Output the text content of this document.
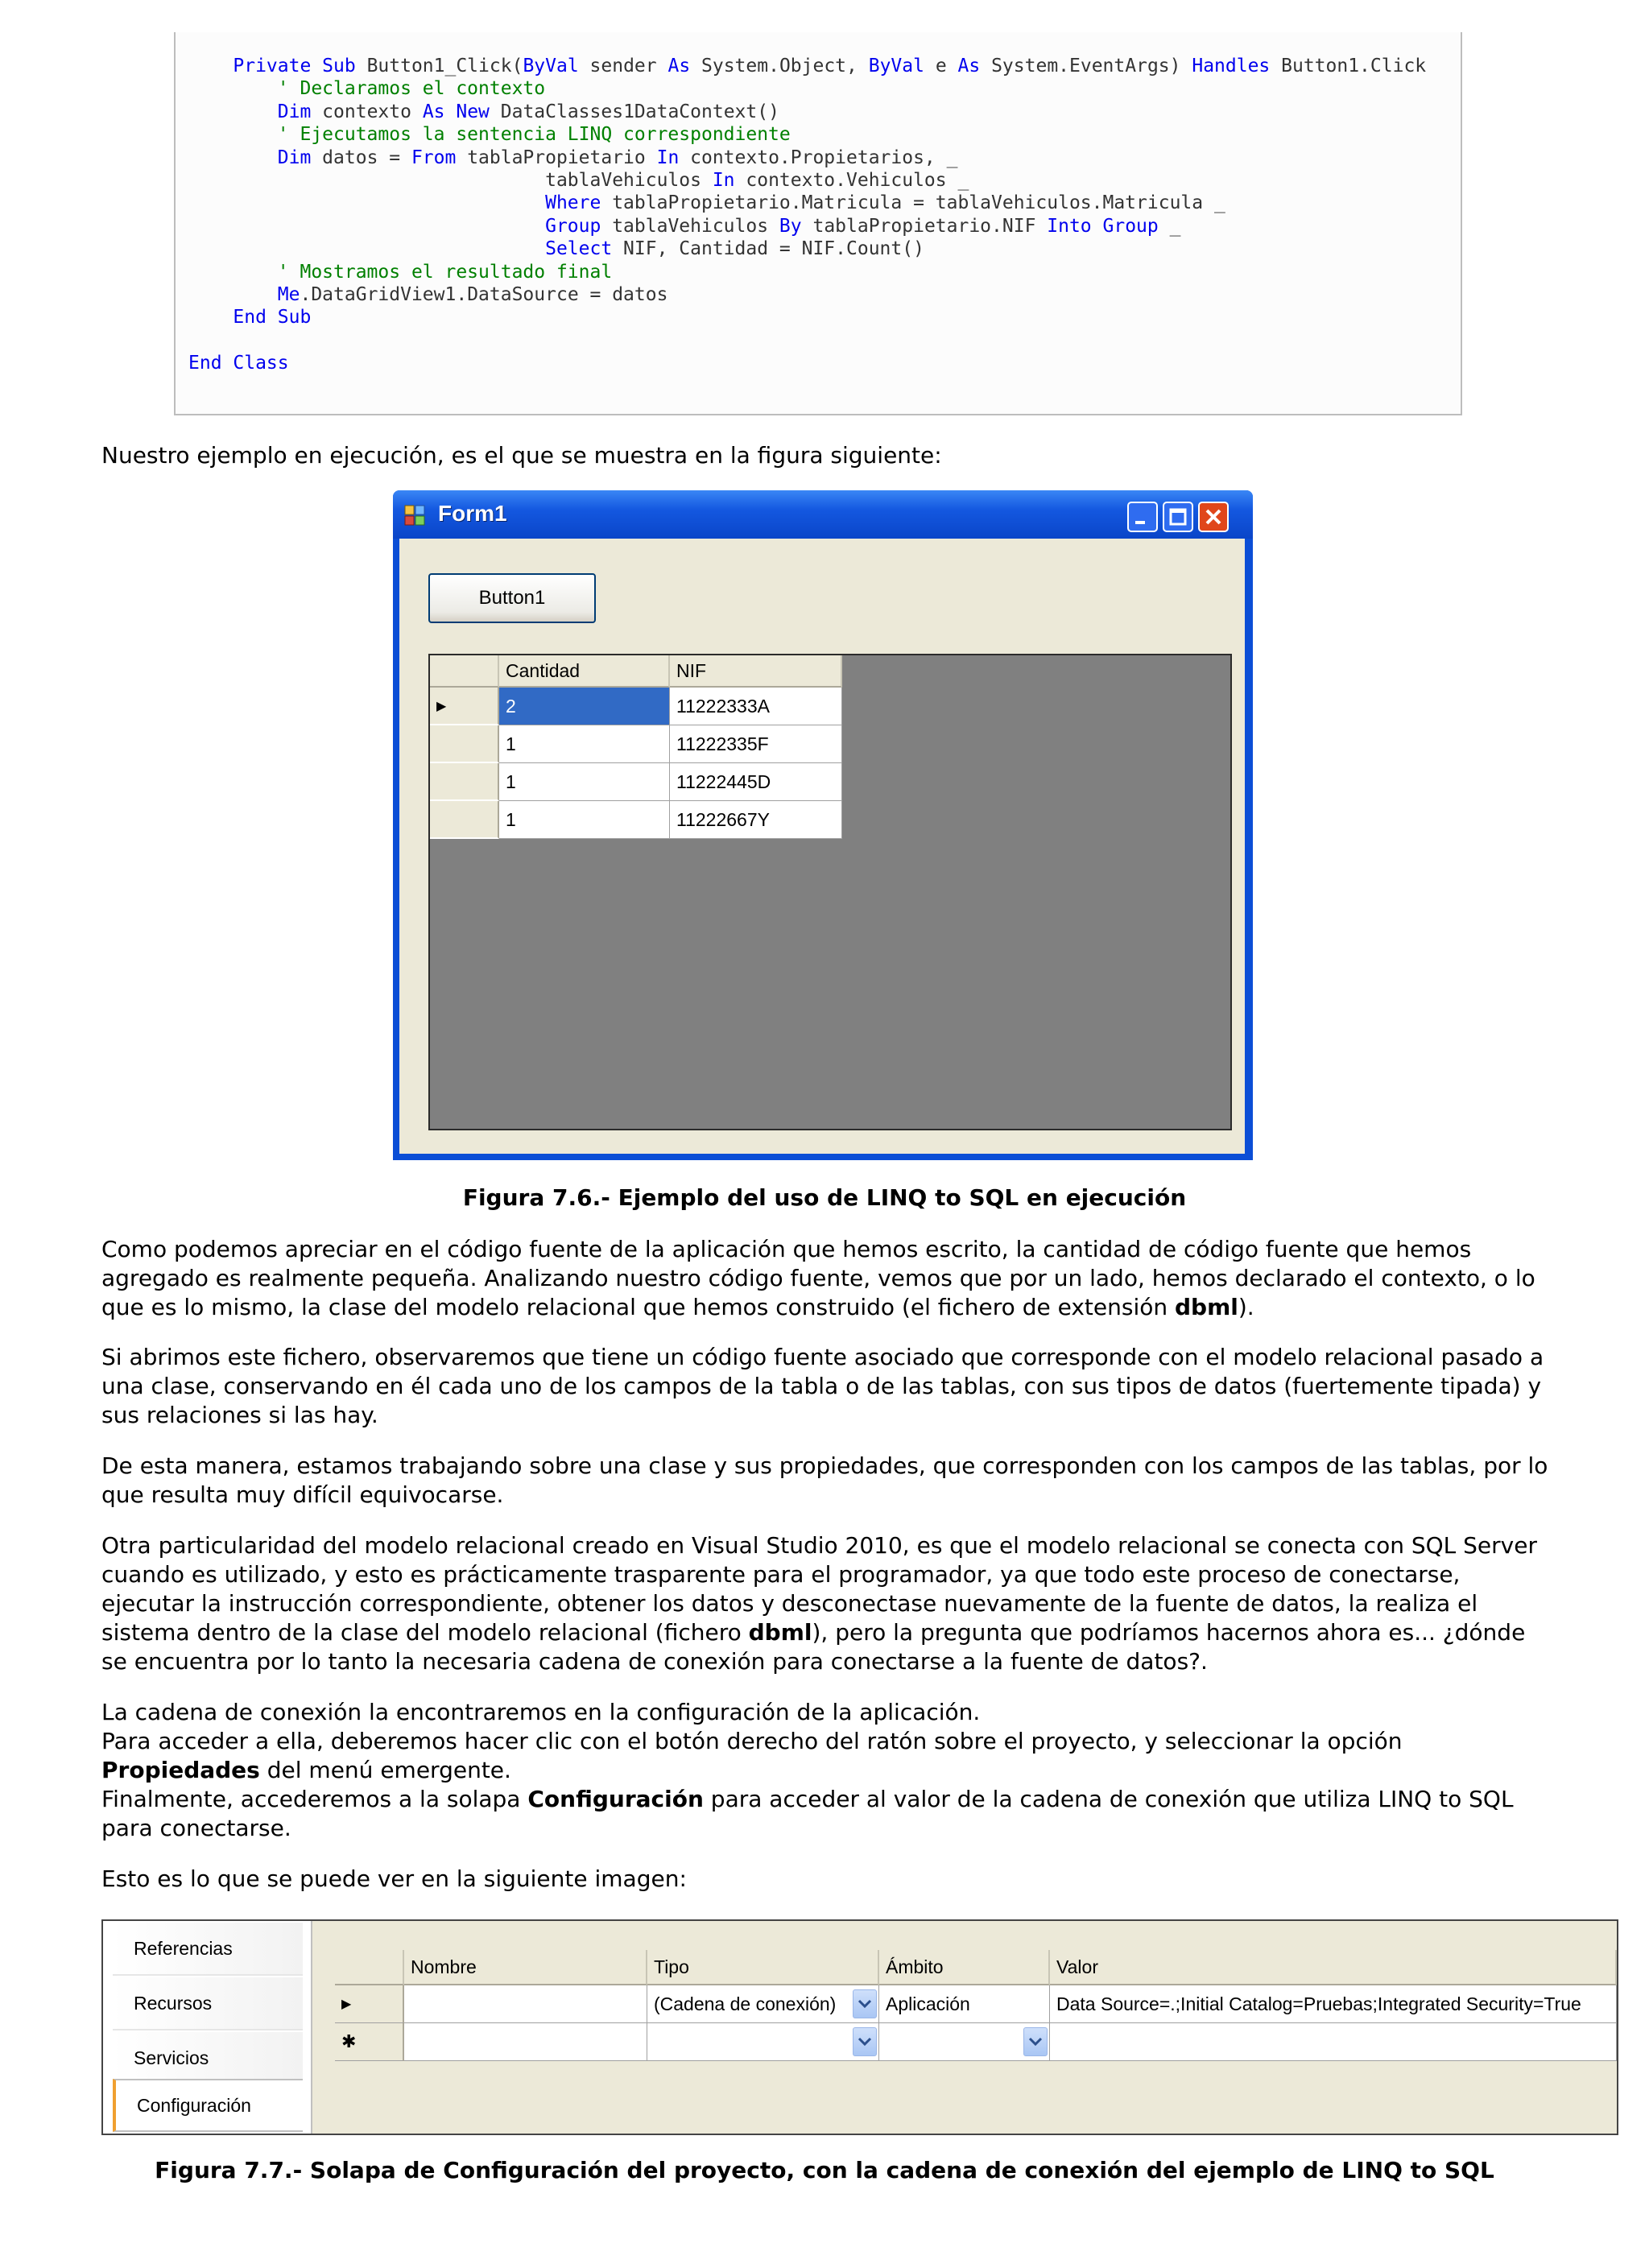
Private Sub Button1_Click(ByVal sender As System.Object, ByVal e As System.EventArgs) Handles Button1.Click
' Declaramos el contexto
Dim contexto As New DataClasses1DataContext()
' Ejecutamos la sentencia LINQ correspondiente
Dim datos = From tablaPropietario In contexto.Propietarios, _
tablaVehiculos In contexto.Vehiculos _
Where tablaPropietario.Matricula = tablaVehiculos.Matricula _
Group tablaVehiculos By tablaPropietario.NIF Into Group _
Select NIF, Cantidad = NIF.Count()
' Mostramos el resultado final
Me.DataGridView1.DataSource = datos
End Sub
End Class

Nuestro ejemplo en ejecución, es el que se muestra en la figura siguiente:

Form1
Button1
Cantidad	NIF
▶	2	11222333A
1	11222335F
1	11222445D
1	11222667Y
Figura 7.6.- Ejemplo del uso de LINQ to SQL en ejecución

Como podemos apreciar en el código fuente de la aplicación que hemos escrito, la cantidad de código fuente que hemos agregado es realmente pequeña. Analizando nuestro código fuente, vemos que por un lado, hemos declarado el contexto, o lo que es lo mismo, la clase del modelo relacional que hemos construido (el fichero de extensión dbml).

Si abrimos este fichero, observaremos que tiene un código fuente asociado que corresponde con el modelo relacional pasado a una clase, conservando en él cada uno de los campos de la tabla o de las tablas, con sus tipos de datos (fuertemente tipada) y sus relaciones si las hay.

De esta manera, estamos trabajando sobre una clase y sus propiedades, que corresponden con los campos de las tablas, por lo que resulta muy difícil equivocarse.

Otra particularidad del modelo relacional creado en Visual Studio 2010, es que el modelo relacional se conecta con SQL Server cuando es utilizado, y esto es prácticamente trasparente para el programador, ya que todo este proceso de conectarse, ejecutar la instrucción correspondiente, obtener los datos y desconectase nuevamente de la fuente de datos, la realiza el sistema dentro de la clase del modelo relacional (fichero dbml), pero la pregunta que podríamos hacernos ahora es... ¿dónde se encuentra por lo tanto la necesaria cadena de conexión para conectarse a la fuente de datos?.

La cadena de conexión la encontraremos en la configuración de la aplicación.
Para acceder a ella, deberemos hacer clic con el botón derecho del ratón sobre el proyecto, y seleccionar la opción Propiedades del menú emergente.
Finalmente, accederemos a la solapa Configuración para acceder al valor de la cadena de conexión que utiliza LINQ to SQL para conectarse.

Esto es lo que se puede ver en la siguiente imagen:

Referencias
Recursos
Servicios
Configuración
Nombre	Tipo	Ámbito	Valor
▶	PruebasConnectionString	(Cadena de conexión)	Aplicación	Data Source=.;Initial Catalog=Pruebas;Integrated Security=True
✱
Figura 7.7.- Solapa de Configuración del proyecto, con la cadena de conexión del ejemplo de LINQ to SQL
